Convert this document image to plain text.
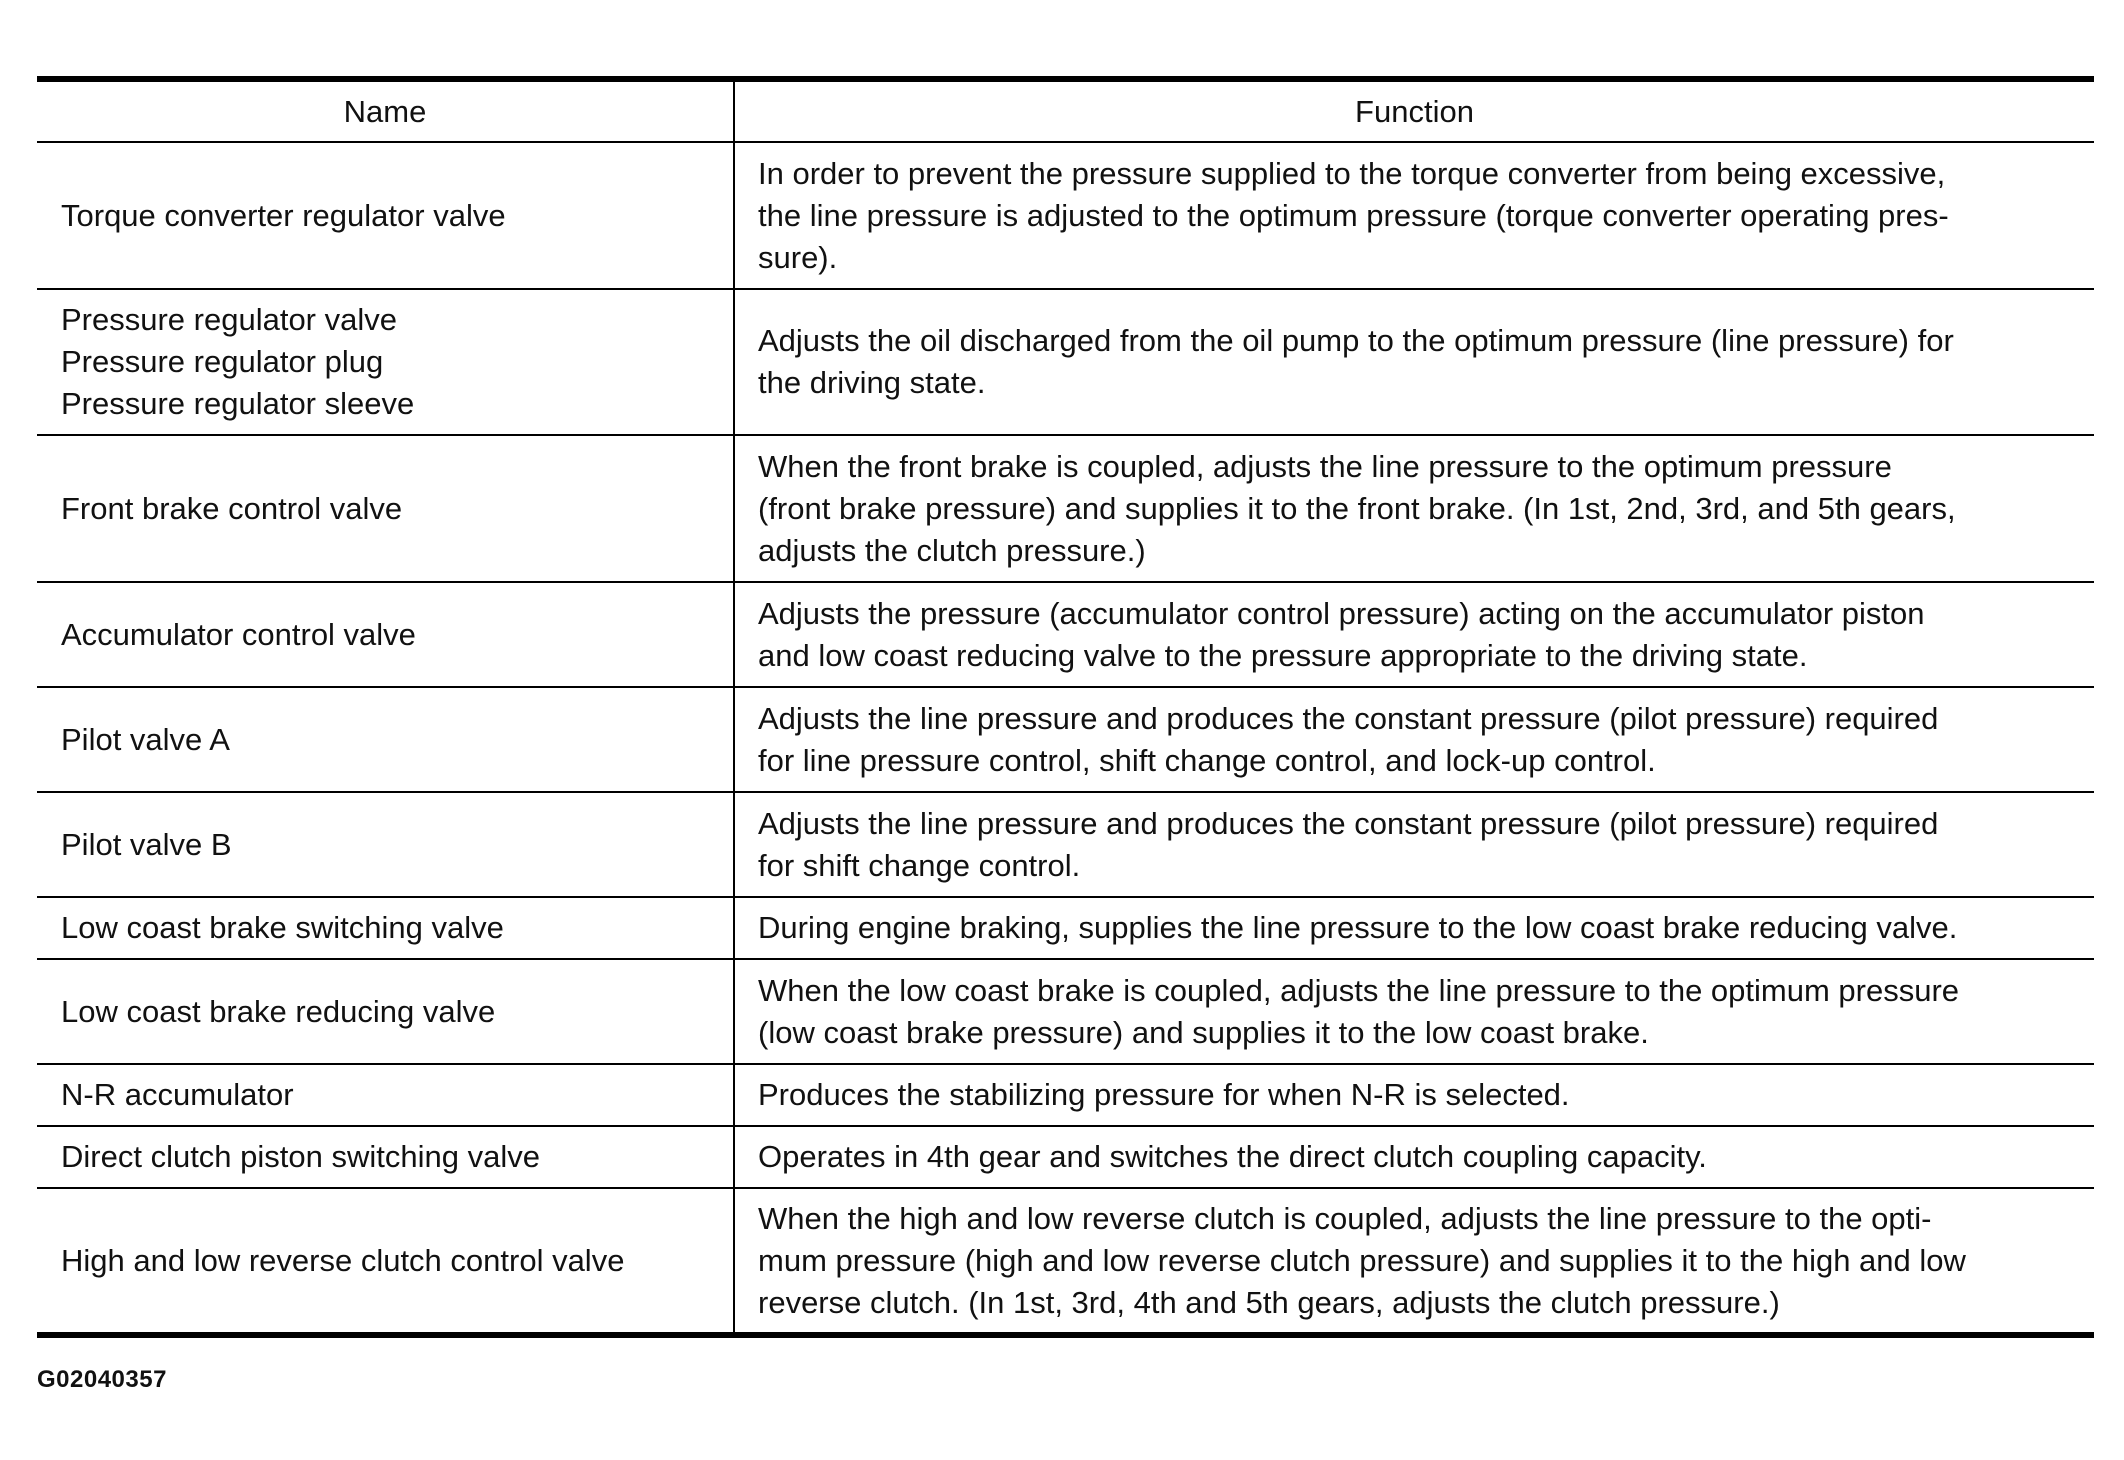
Name	Function

Torque converter regulator valve	In order to prevent the pressure supplied to the torque converter from being excessive,
the line pressure is adjusted to the optimum pressure (torque converter operating pres-
sure).

Pressure regulator valve
Pressure regulator plug
Pressure regulator sleeve	Adjusts the oil discharged from the oil pump to the optimum pressure (line pressure) for
the driving state.

Front brake control valve	When the front brake is coupled, adjusts the line pressure to the optimum pressure
(front brake pressure) and supplies it to the front brake. (In 1st, 2nd, 3rd, and 5th gears,
adjusts the clutch pressure.)

Accumulator control valve	Adjusts the pressure (accumulator control pressure) acting on the accumulator piston
and low coast reducing valve to the pressure appropriate to the driving state.

Pilot valve A	Adjusts the line pressure and produces the constant pressure (pilot pressure) required
for line pressure control, shift change control, and lock-up control.

Pilot valve B	Adjusts the line pressure and produces the constant pressure (pilot pressure) required
for shift change control.

Low coast brake switching valve	During engine braking, supplies the line pressure to the low coast brake reducing valve.

Low coast brake reducing valve	When the low coast brake is coupled, adjusts the line pressure to the optimum pressure
(low coast brake pressure) and supplies it to the low coast brake.

N-R accumulator	Produces the stabilizing pressure for when N-R is selected.

Direct clutch piston switching valve	Operates in 4th gear and switches the direct clutch coupling capacity.

High and low reverse clutch control valve	When the high and low reverse clutch is coupled, adjusts the line pressure to the opti-
mum pressure (high and low reverse clutch pressure) and supplies it to the high and low
reverse clutch. (In 1st, 3rd, 4th and 5th gears, adjusts the clutch pressure.)
G02040357
